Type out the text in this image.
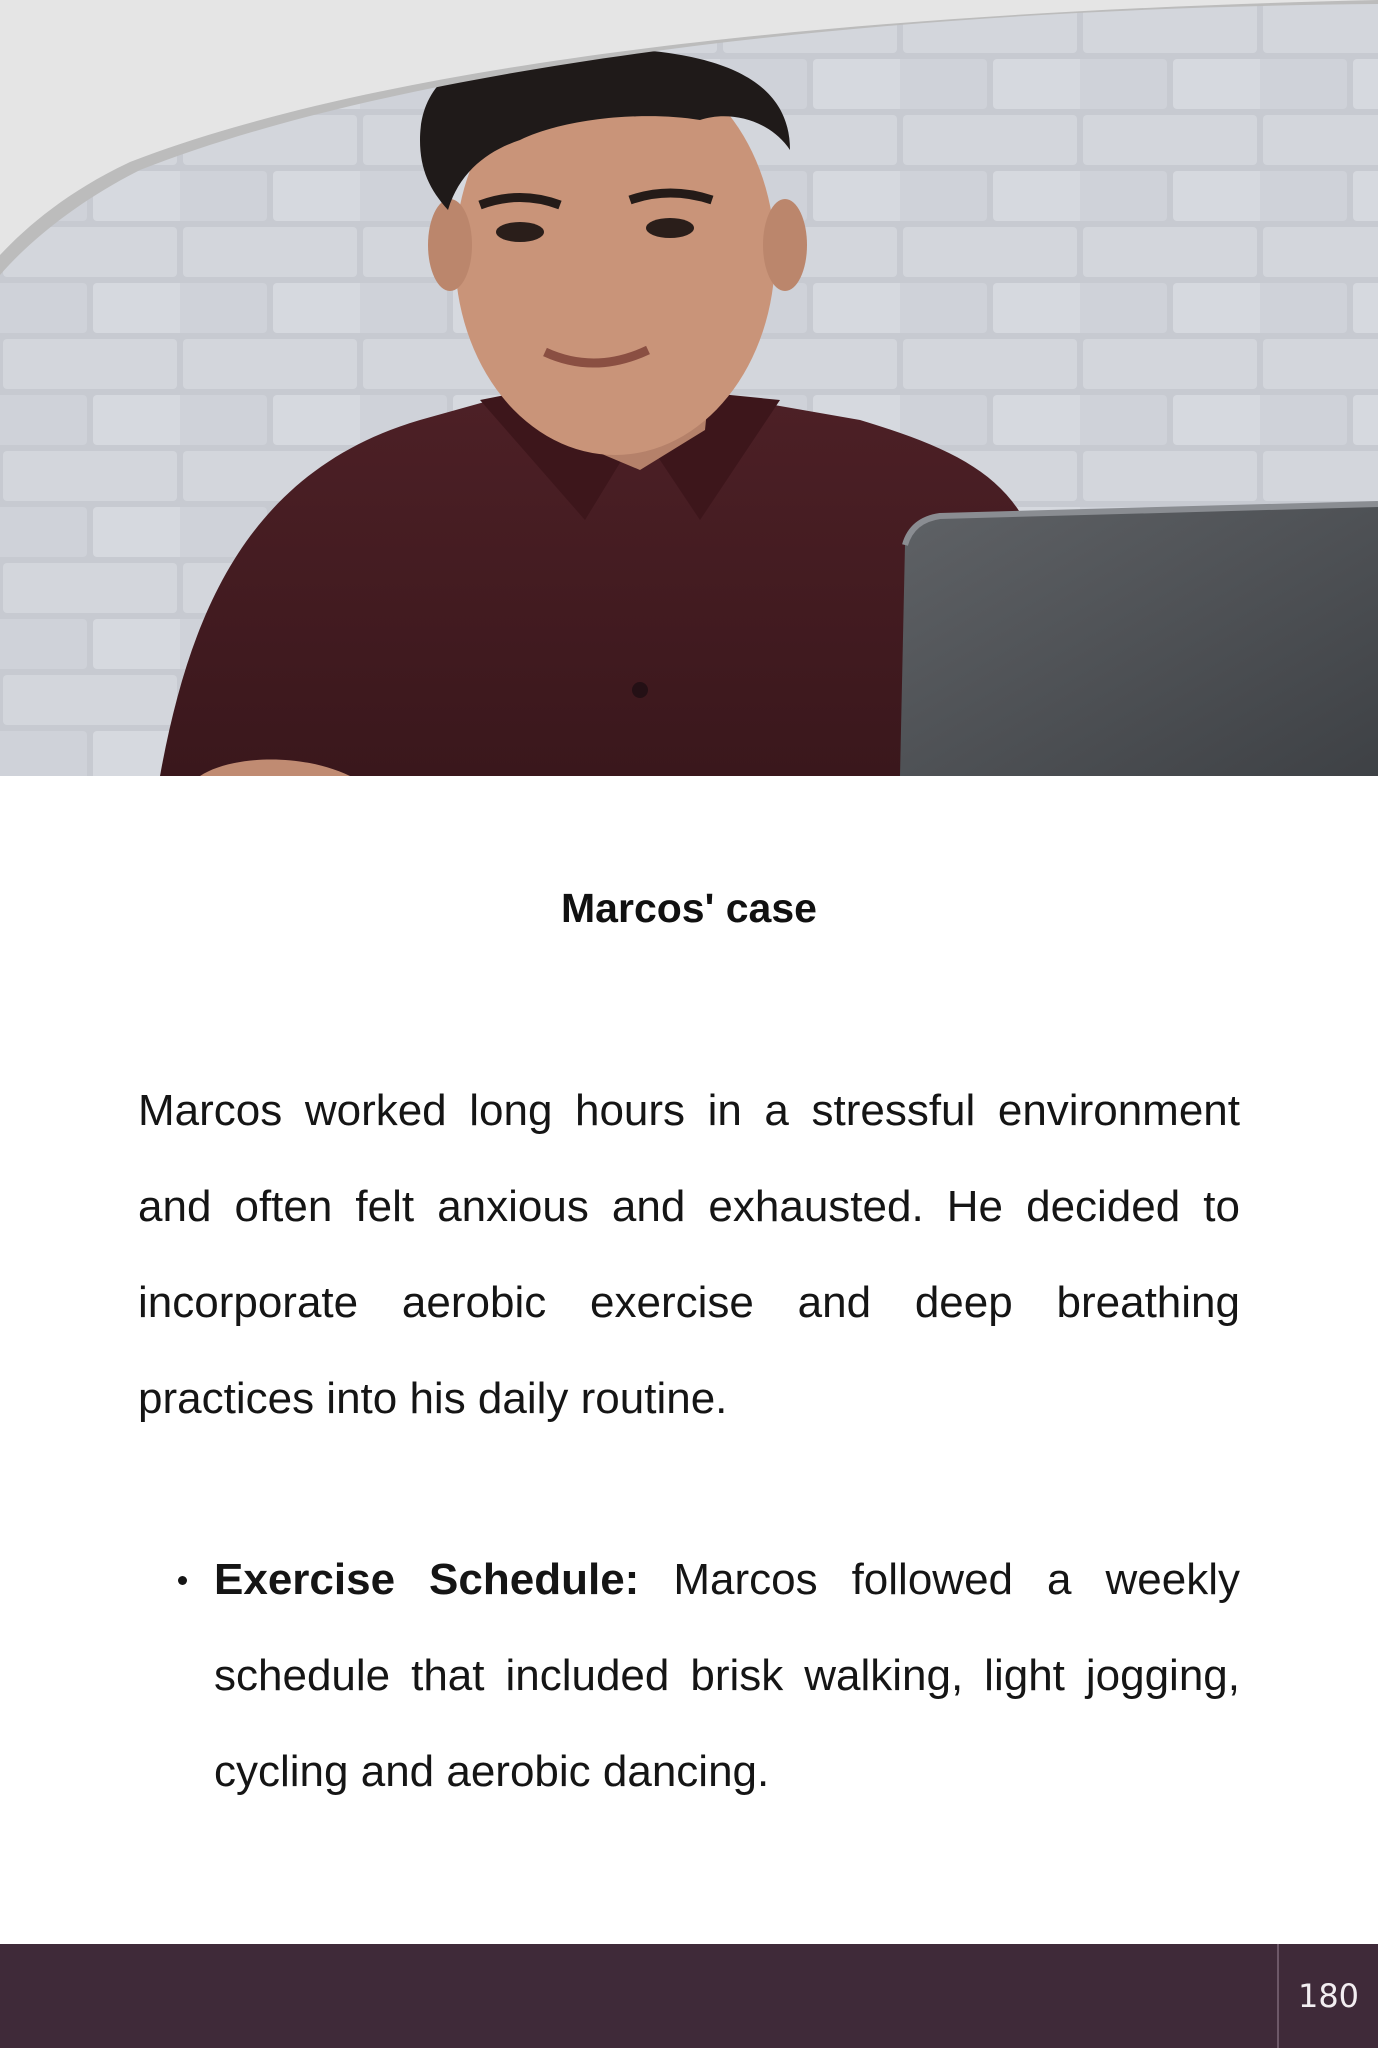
Marcos' case
Marcos worked long hours in a stressful environment and often felt anxious and exhausted. He decided to incorporate aerobic exercise and deep breathing practices into his daily routine.
Exercise Schedule: Marcos followed a weekly schedule that included brisk walking, light jogging, cycling and aerobic dancing.
180
